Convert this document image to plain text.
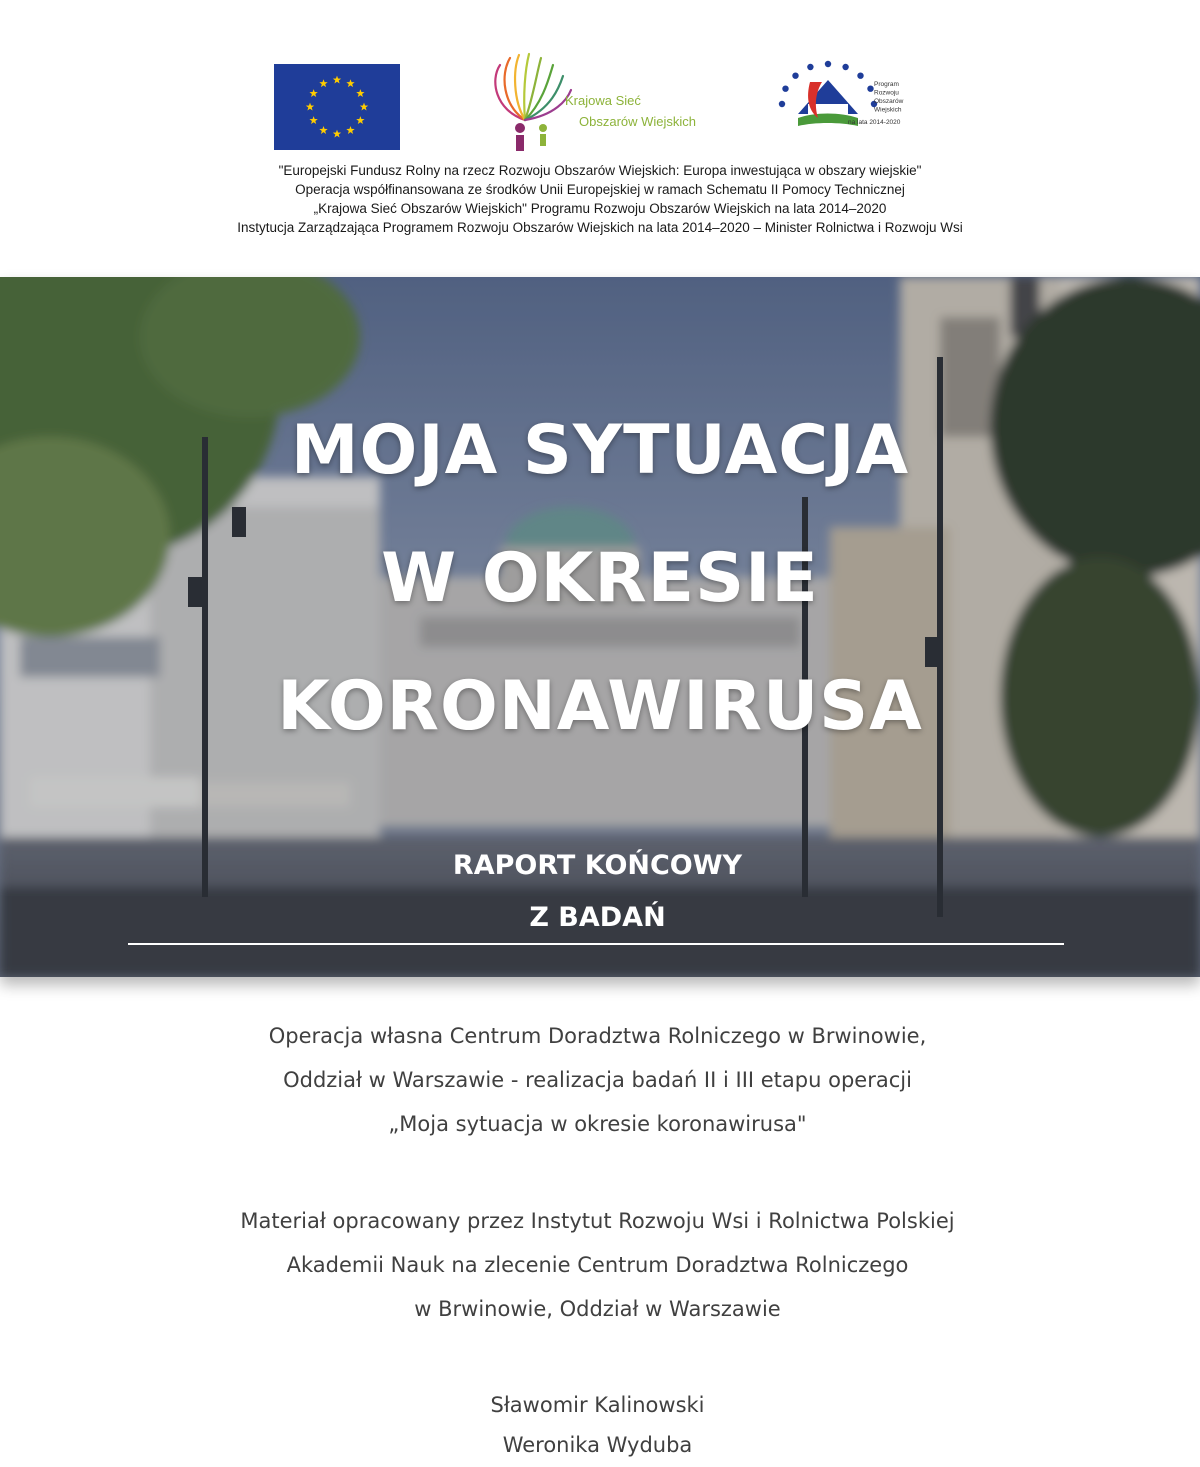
Krajowa Sieć
Obszarów Wiejskich
Program
Rozwoju
Obszarów
Wiejskich
na lata 2014-2020
"Europejski Fundusz Rolny na rzecz Rozwoju Obszarów Wiejskich: Europa inwestująca w obszary wiejskie"
Operacja współfinansowana ze środków Unii Europejskiej w ramach Schematu II Pomocy Technicznej
„Krajowa Sieć Obszarów Wiejskich" Programu Rozwoju Obszarów Wiejskich na lata 2014–2020
Instytucja Zarządzająca Programem Rozwoju Obszarów Wiejskich na lata 2014–2020 – Minister Rolnictwa i Rozwoju Wsi
MOJA SYTUACJA
W OKRESIE
KORONAWIRUSA
RAPORT KOŃCOWY
Z BADAŃ
Operacja własna Centrum Doradztwa Rolniczego w Brwinowie,
Oddział w Warszawie - realizacja badań II i III etapu operacji
„Moja sytuacja w okresie koronawirusa"
Materiał opracowany przez Instytut Rozwoju Wsi i Rolnictwa Polskiej
Akademii Nauk na zlecenie Centrum Doradztwa Rolniczego
w Brwinowie, Oddział w Warszawie
Sławomir Kalinowski
Weronika Wyduba
